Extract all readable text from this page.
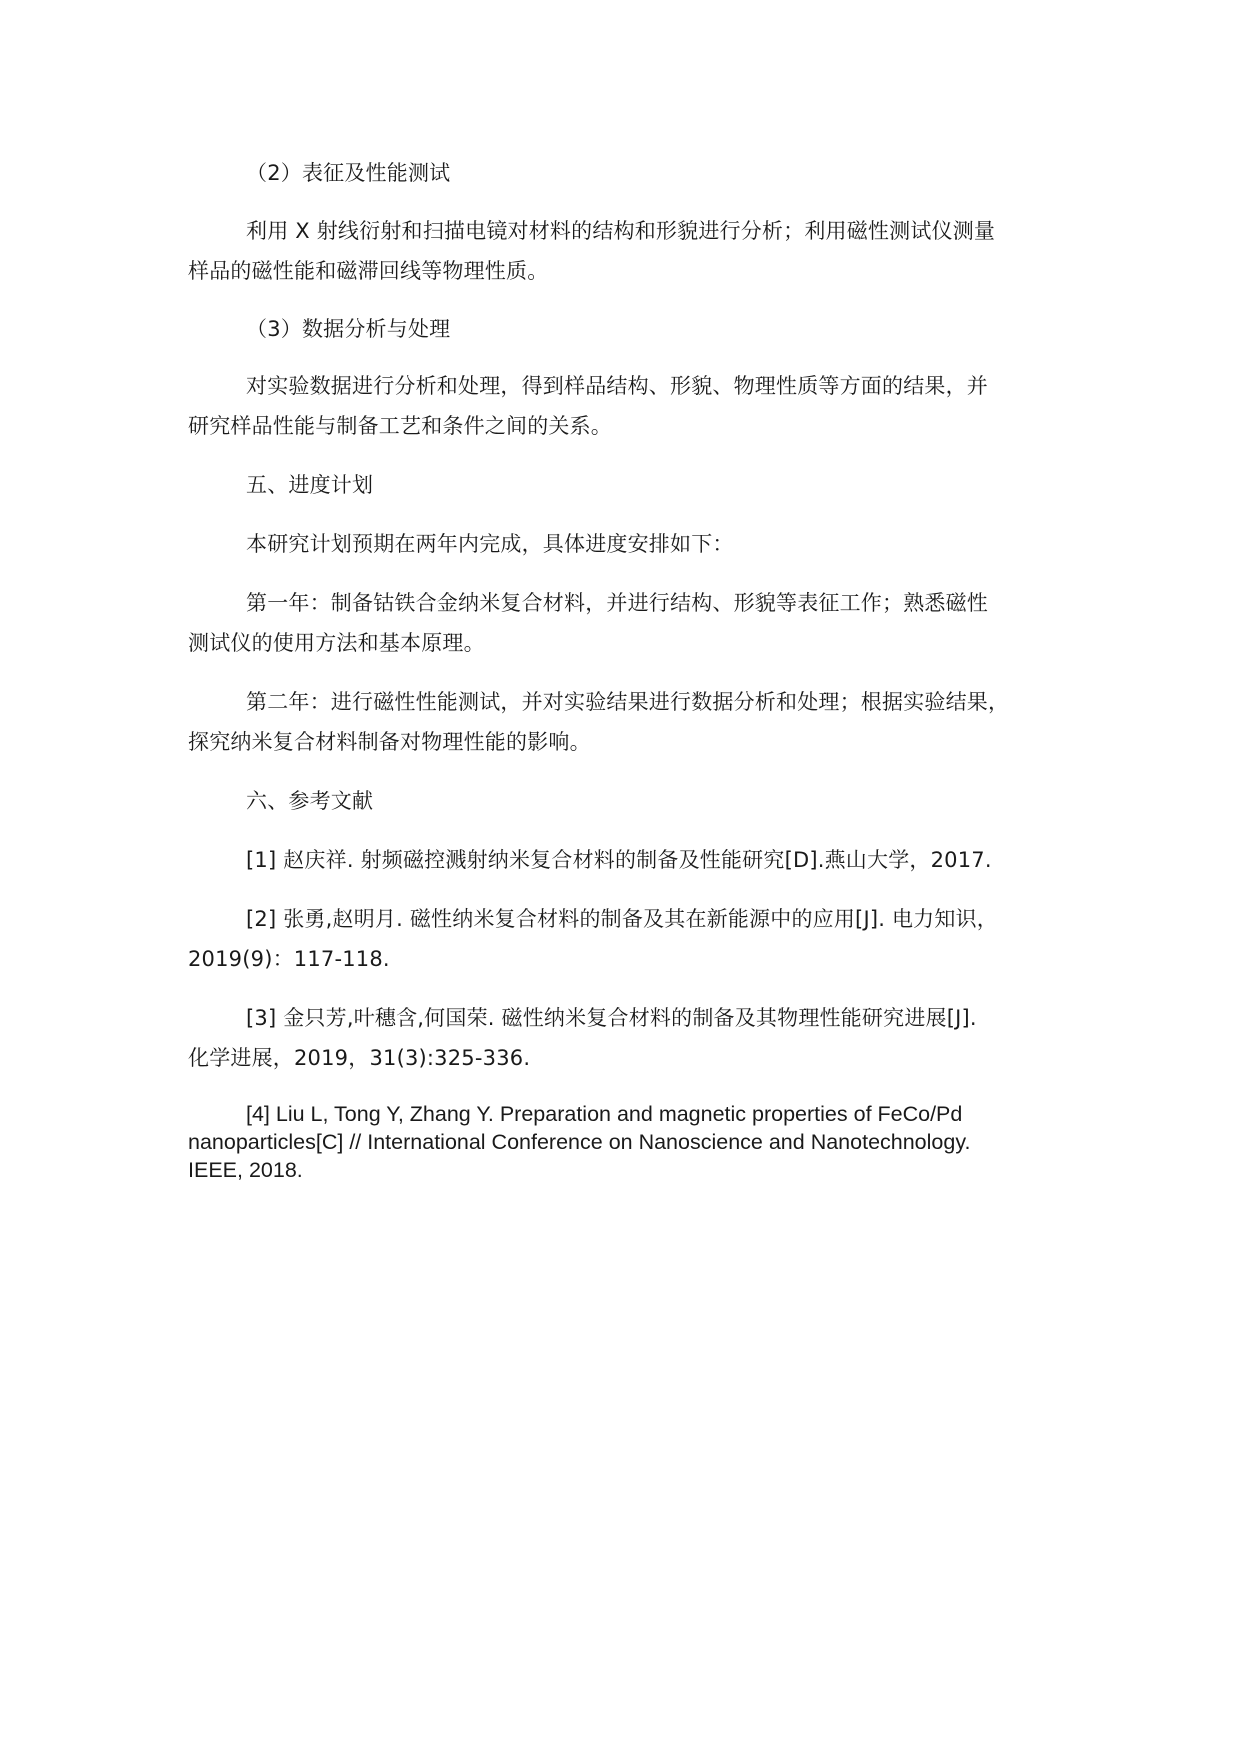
（2）表征及性能测试
利用 X 射线衍射和扫描电镜对材料的结构和形貌进行分析；利用磁性测试仪测量
样品的磁性能和磁滞回线等物理性质。
（3）数据分析与处理
对实验数据进行分析和处理，得到样品结构、形貌、物理性质等方面的结果，并
研究样品性能与制备工艺和条件之间的关系。
五、进度计划
本研究计划预期在两年内完成，具体进度安排如下：
第一年：制备钴铁合金纳米复合材料，并进行结构、形貌等表征工作；熟悉磁性
测试仪的使用方法和基本原理。
第二年：进行磁性性能测试，并对实验结果进行数据分析和处理；根据实验结果，
探究纳米复合材料制备对物理性能的影响。
六、参考文献
[1] 赵庆祥. 射频磁控溅射纳米复合材料的制备及性能研究[D].燕山大学，2017.
[2] 张勇,赵明月. 磁性纳米复合材料的制备及其在新能源中的应用[J]. 电力知识，
2019(9)：117-118.
[3] 金只芳,叶穗含,何国荣. 磁性纳米复合材料的制备及其物理性能研究进展[J].
化学进展，2019，31(3):325-336.
[4] Liu L, Tong Y, Zhang Y. Preparation and magnetic properties of FeCo/Pd
nanoparticles[C] // International Conference on Nanoscience and Nanotechnology.
IEEE, 2018.
